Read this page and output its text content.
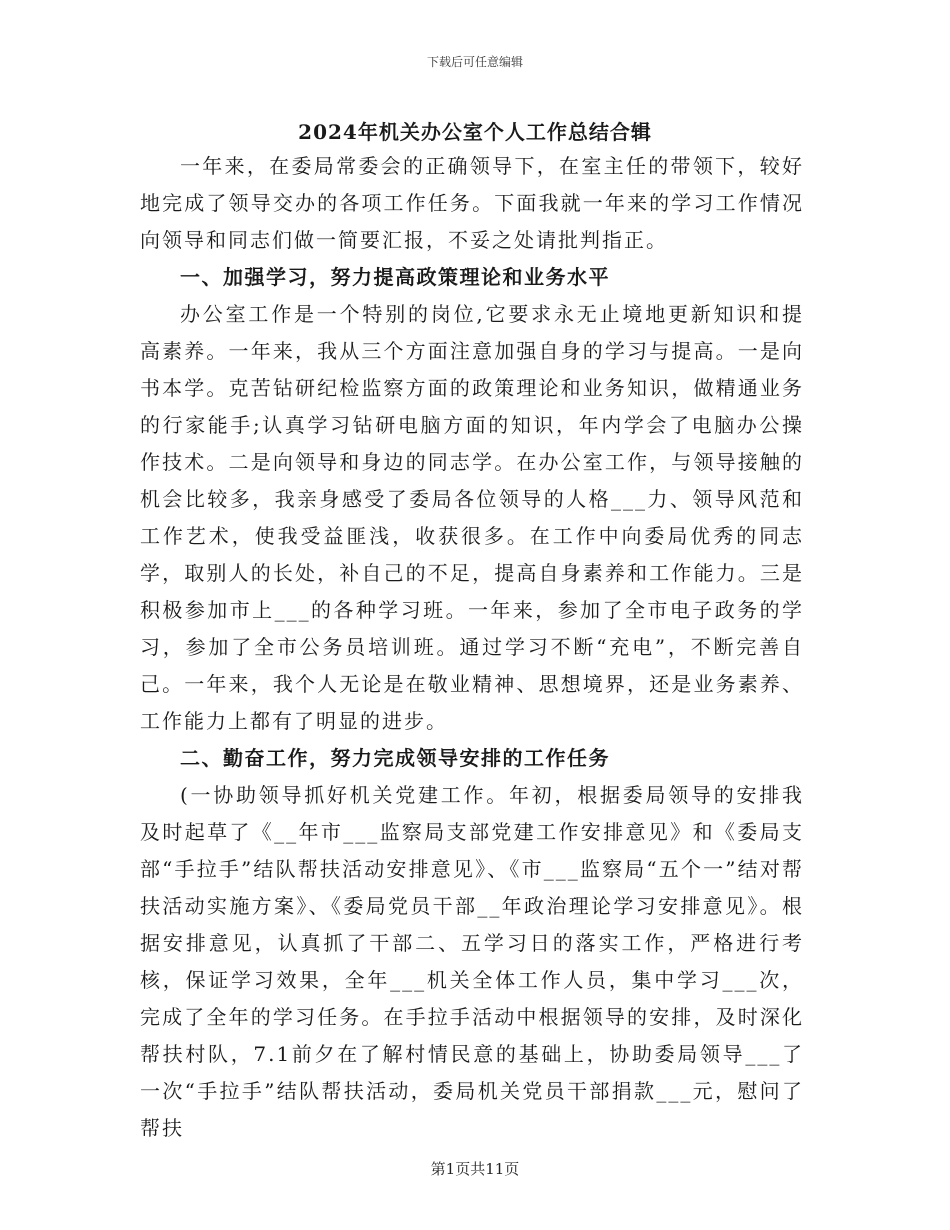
下载后可任意编辑
2024年机关办公室个人工作总结合辑

一年来，在委局常委会的正确领导下，在室主任的带领下，较好地完成了领导交办的各项工作任务。下面我就一年来的学习工作情况向领导和同志们做一简要汇报，不妥之处请批判指正。

一、加强学习，努力提高政策理论和业务水平

办公室工作是一个特别的岗位,它要求永无止境地更新知识和提高素养。一年来，我从三个方面注意加强自身的学习与提高。一是向书本学。克苦钻研纪检监察方面的政策理论和业务知识，做精通业务的行家能手;认真学习钻研电脑方面的知识，年内学会了电脑办公操作技术。二是向领导和身边的同志学。在办公室工作，与领导接触的机会比较多，我亲身感受了委局各位领导的人格___力、领导风范和工作艺术，使我受益匪浅，收获很多。在工作中向委局优秀的同志学，取别人的长处，补自己的不足，提高自身素养和工作能力。三是积极参加市上___的各种学习班。一年来，参加了全市电子政务的学习，参加了全市公务员培训班。通过学习不断“充电”，不断完善自己。一年来，我个人无论是在敬业精神、思想境界，还是业务素养、工作能力上都有了明显的进步。

二、勤奋工作，努力完成领导安排的工作任务

(一协助领导抓好机关党建工作。年初，根据委局领导的安排我及时起草了《__年市___监察局支部党建工作安排意见》和《委局支部“手拉手”结队帮扶活动安排意见》、《市___监察局“五个一”结对帮扶活动实施方案》、《委局党员干部__年政治理论学习安排意见》。根据安排意见，认真抓了干部二、五学习日的落实工作，严格进行考核，保证学习效果，全年___机关全体工作人员，集中学习___次，完成了全年的学习任务。在手拉手活动中根据领导的安排，及时深化帮扶村队，7.1前夕在了解村情民意的基础上，协助委局领导___了一次“手拉手”结队帮扶活动，委局机关党员干部捐款___元，慰问了帮扶

第1页共11页
